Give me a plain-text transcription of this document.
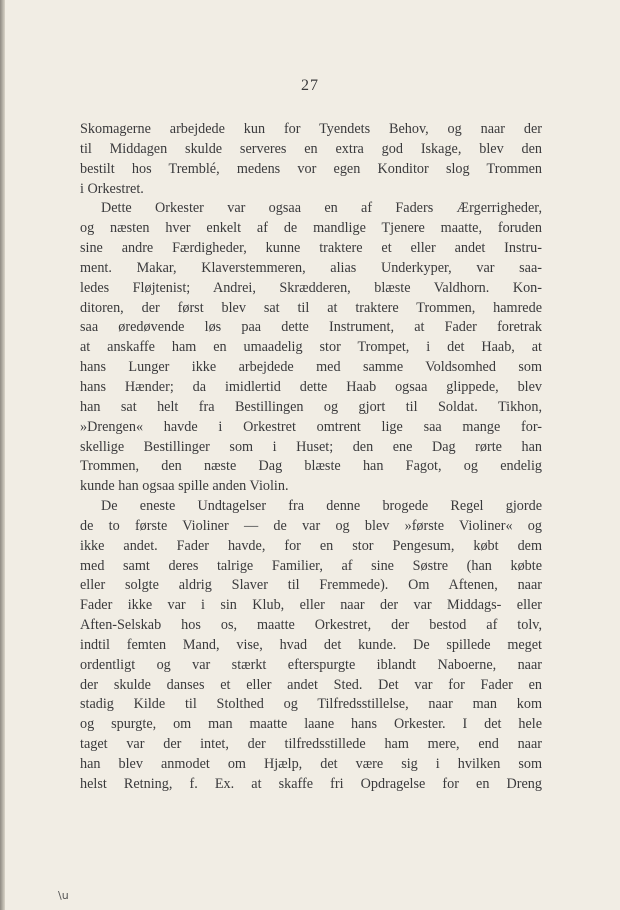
27
Skomagerne arbejdede kun for Tyendets Behov, og naar der
til Middagen skulde serveres en extra god Iskage, blev den
bestilt hos Tremblé, medens vor egen Konditor slog Trommen
i Orkestret.
Dette Orkester var ogsaa en af Faders Ærgerrigheder,
og næsten hver enkelt af de mandlige Tjenere maatte, foruden
sine andre Færdigheder, kunne traktere et eller andet Instru-
ment. Makar, Klaverstemmeren, alias Underkyper, var saa-
ledes Fløjtenist; Andrei, Skrædderen, blæste Valdhorn. Kon-
ditoren, der først blev sat til at traktere Trommen, hamrede
saa øredøvende løs paa dette Instrument, at Fader foretrak
at anskaffe ham en umaadelig stor Trompet, i det Haab, at
hans Lunger ikke arbejdede med samme Voldsomhed som
hans Hænder; da imidlertid dette Haab ogsaa glippede, blev
han sat helt fra Bestillingen og gjort til Soldat. Tikhon,
»Drengen« havde i Orkestret omtrent lige saa mange for-
skellige Bestillinger som i Huset; den ene Dag rørte han
Trommen, den næste Dag blæste han Fagot, og endelig
kunde han ogsaa spille anden Violin.
De eneste Undtagelser fra denne brogede Regel gjorde
de to første Violiner — de var og blev »første Violiner« og
ikke andet. Fader havde, for en stor Pengesum, købt dem
med samt deres talrige Familier, af sine Søstre (han købte
eller solgte aldrig Slaver til Fremmede). Om Aftenen, naar
Fader ikke var i sin Klub, eller naar der var Middags- eller
Aften-Selskab hos os, maatte Orkestret, der bestod af tolv,
indtil femten Mand, vise, hvad det kunde. De spillede meget
ordentligt og var stærkt efterspurgte iblandt Naboerne, naar
der skulde danses et eller andet Sted. Det var for Fader en
stadig Kilde til Stolthed og Tilfredsstillelse, naar man kom
og spurgte, om man maatte laane hans Orkester. I det hele
taget var der intet, der tilfredsstillede ham mere, end naar
han blev anmodet om Hjælp, det være sig i hvilken som
helst Retning, f. Ex. at skaffe fri Opdragelse for en Dreng
\u
